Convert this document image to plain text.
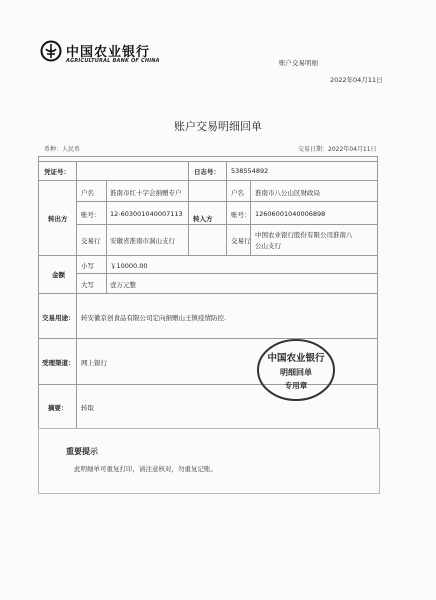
中国农业银行
AGRICULTURAL BANK OF CHINA	账户交易明细
2022年04月11日
账户交易明细回单
币种：人民币	交易日期：2022年04月11日
凭证号：	日志号： 538554892
转出方
户名 淮南市红十字会捐赠专户
账号： 12-603001040007113
交易行 安徽省淮南市洞山支行
转入方
户名 淮南市八公山区财政局
账号： 12606001040006898
交易行
中国农业银行股份有限公司淮南八
公山支行
金额
小写 ￥10000.00
大写 壹万元整
交易用途： 转安徽京创食品有限公司定向捐赠山王镇疫情防控.
受理渠道： 网上银行
摘要： 转取
中国农业银行
明细回单
专用章
重要提示
此明细单可重复打印，请注意核对，勿重复记账。
